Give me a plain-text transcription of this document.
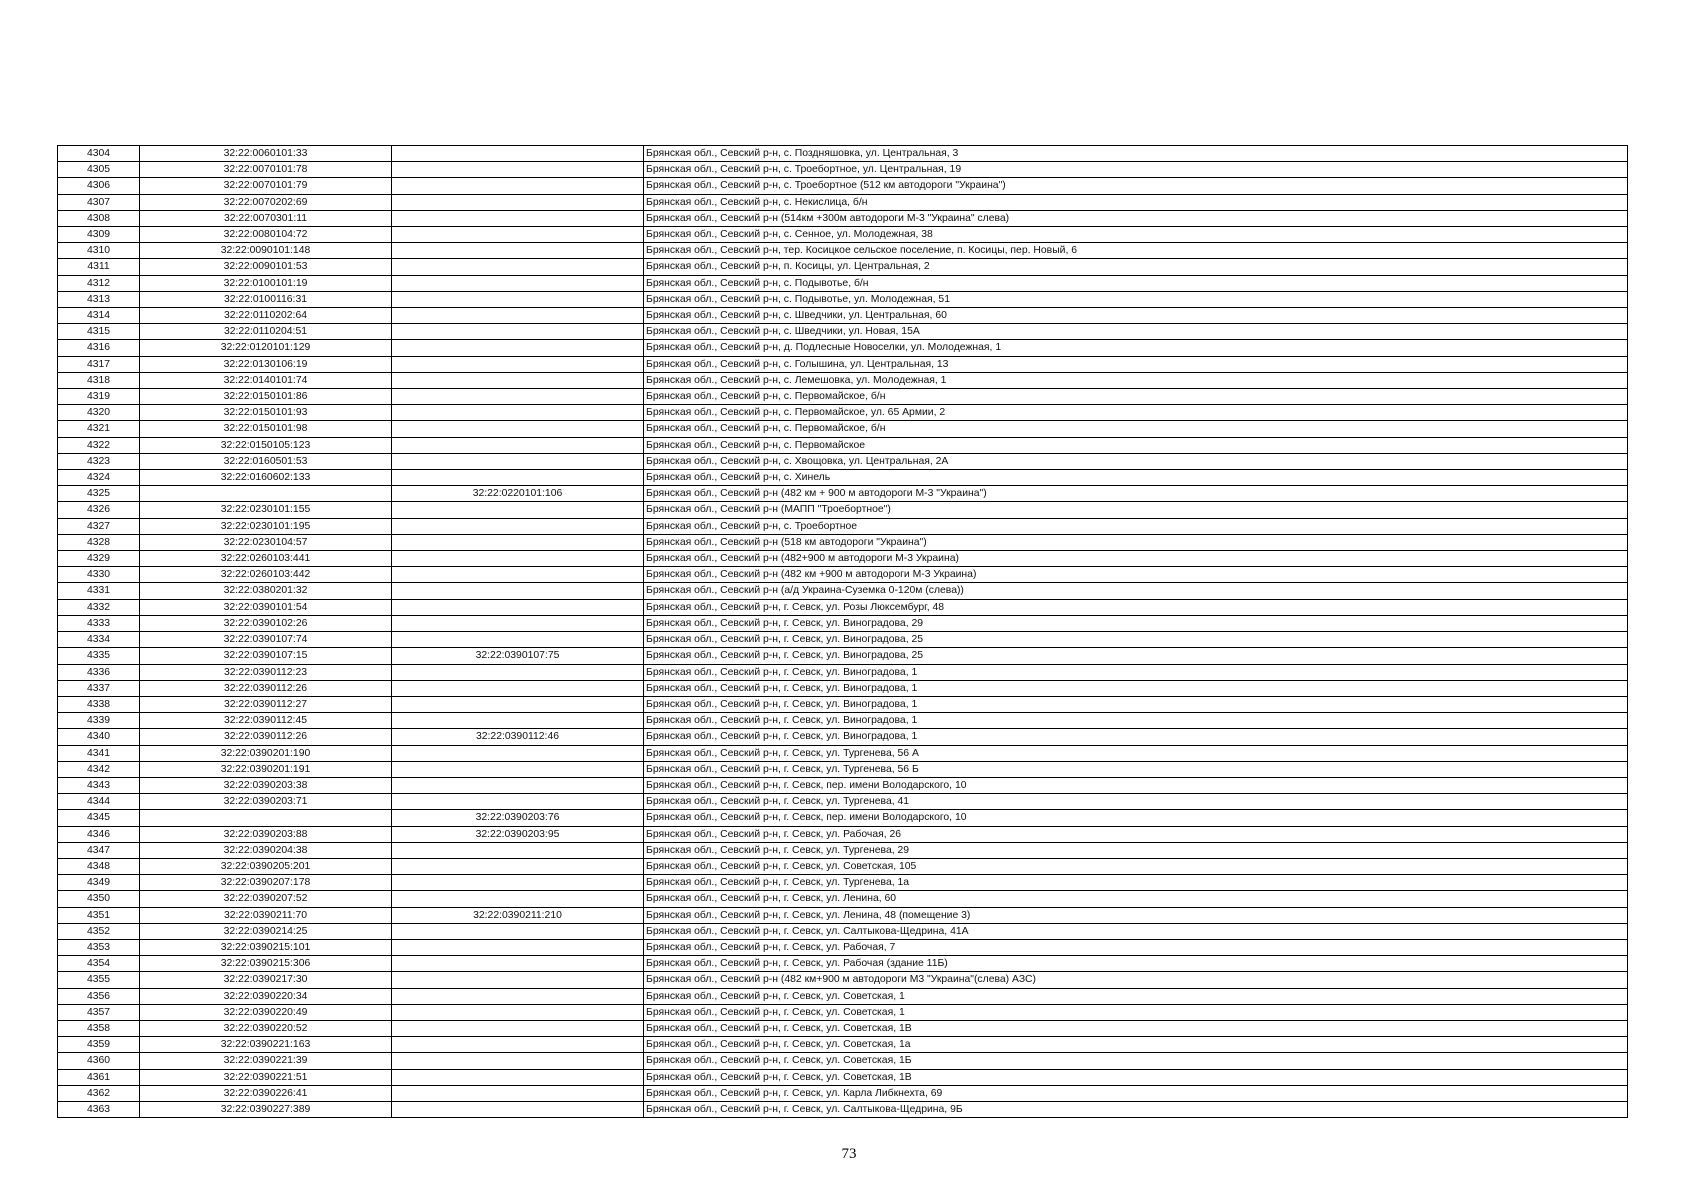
4304	32:22:0060101:33		Брянская обл., Севский р-н, с. Поздняшовка, ул. Центральная, 3
4305	32:22:0070101:78		Брянская обл., Севский р-н, с. Троебортное, ул. Центральная, 19
4306	32:22:0070101:79		Брянская обл., Севский р-н, с. Троебортное (512 км автодороги "Украина")
4307	32:22:0070202:69		Брянская обл., Севский р-н, с. Некислица, б/н
4308	32:22:0070301:11		Брянская обл., Севский р-н (514км +300м автодороги М-3 "Украина" слева)
4309	32:22:0080104:72		Брянская обл., Севский р-н, с. Сенное, ул. Молодежная, 38
4310	32:22:0090101:148		Брянская обл., Севский р-н, тер. Косицкое сельское поселение, п. Косицы, пер. Новый, 6
4311	32:22:0090101:53		Брянская обл., Севский р-н, п. Косицы, ул. Центральная, 2
4312	32:22:0100101:19		Брянская обл., Севский р-н, с. Подывотье, б/н
4313	32:22:0100116:31		Брянская обл., Севский р-н, с. Подывотье, ул. Молодежная, 51
4314	32:22:0110202:64		Брянская обл., Севский р-н, с. Шведчики, ул. Центральная, 60
4315	32:22:0110204:51		Брянская обл., Севский р-н, с. Шведчики, ул. Новая, 15А
4316	32:22:0120101:129		Брянская обл., Севский р-н, д. Подлесные Новоселки, ул. Молодежная, 1
4317	32:22:0130106:19		Брянская обл., Севский р-н, с. Голышина, ул. Центральная, 13
4318	32:22:0140101:74		Брянская обл., Севский р-н, с. Лемешовка, ул. Молодежная, 1
4319	32:22:0150101:86		Брянская обл., Севский р-н, с. Первомайское, б/н
4320	32:22:0150101:93		Брянская обл., Севский р-н, с. Первомайское, ул. 65 Армии, 2
4321	32:22:0150101:98		Брянская обл., Севский р-н, с. Первомайское, б/н
4322	32:22:0150105:123		Брянская обл., Севский р-н, с. Первомайское
4323	32:22:0160501:53		Брянская обл., Севский р-н, с. Хвощовка, ул. Центральная, 2А
4324	32:22:0160602:133		Брянская обл., Севский р-н, с. Хинель
4325		32:22:0220101:106	Брянская обл., Севский р-н (482 км + 900 м автодороги М-3 "Украина")
4326	32:22:0230101:155		Брянская обл., Севский р-н (МАПП "Троебортное")
4327	32:22:0230101:195		Брянская обл., Севский р-н, с. Троебортное
4328	32:22:0230104:57		Брянская обл., Севский р-н (518 км автодороги "Украина")
4329	32:22:0260103:441		Брянская обл., Севский р-н (482+900 м автодороги М-3 Украина)
4330	32:22:0260103:442		Брянская обл., Севский р-н (482 км +900 м автодороги М-3 Украина)
4331	32:22:0380201:32		Брянская обл., Севский р-н (а/д Украина-Суземка 0-120м (слева))
4332	32:22:0390101:54		Брянская обл., Севский р-н, г. Севск, ул. Розы Люксембург, 48
4333	32:22:0390102:26		Брянская обл., Севский р-н, г. Севск, ул. Виноградова, 29
4334	32:22:0390107:74		Брянская обл., Севский р-н, г. Севск, ул. Виноградова, 25
4335	32:22:0390107:15	32:22:0390107:75	Брянская обл., Севский р-н, г. Севск, ул. Виноградова, 25
4336	32:22:0390112:23		Брянская обл., Севский р-н, г. Севск, ул. Виноградова, 1
4337	32:22:0390112:26		Брянская обл., Севский р-н, г. Севск, ул. Виноградова, 1
4338	32:22:0390112:27		Брянская обл., Севский р-н, г. Севск, ул. Виноградова, 1
4339	32:22:0390112:45		Брянская обл., Севский р-н, г. Севск, ул. Виноградова, 1
4340	32:22:0390112:26	32:22:0390112:46	Брянская обл., Севский р-н, г. Севск, ул. Виноградова, 1
4341	32:22:0390201:190		Брянская обл., Севский р-н, г. Севск, ул. Тургенева, 56 А
4342	32:22:0390201:191		Брянская обл., Севский р-н, г. Севск, ул. Тургенева, 56 Б
4343	32:22:0390203:38		Брянская обл., Севский р-н, г. Севск, пер. имени Володарского, 10
4344	32:22:0390203:71		Брянская обл., Севский р-н, г. Севск, ул. Тургенева, 41
4345		32:22:0390203:76	Брянская обл., Севский р-н, г. Севск, пер. имени Володарского, 10
4346	32:22:0390203:88	32:22:0390203:95	Брянская обл., Севский р-н, г. Севск, ул. Рабочая, 26
4347	32:22:0390204:38		Брянская обл., Севский р-н, г. Севск, ул. Тургенева, 29
4348	32:22:0390205:201		Брянская обл., Севский р-н, г. Севск, ул. Советская, 105
4349	32:22:0390207:178		Брянская обл., Севский р-н, г. Севск, ул. Тургенева, 1а
4350	32:22:0390207:52		Брянская обл., Севский р-н, г. Севск, ул. Ленина, 60
4351	32:22:0390211:70	32:22:0390211:210	Брянская обл., Севский р-н, г. Севск, ул. Ленина, 48 (помещение 3)
4352	32:22:0390214:25		Брянская обл., Севский р-н, г. Севск, ул. Салтыкова-Щедрина, 41А
4353	32:22:0390215:101		Брянская обл., Севский р-н, г. Севск, ул. Рабочая, 7
4354	32:22:0390215:306		Брянская обл., Севский р-н, г. Севск, ул. Рабочая (здание 11Б)
4355	32:22:0390217:30		Брянская обл., Севский р-н (482 км+900 м автодороги М3 "Украина"(слева) АЗС)
4356	32:22:0390220:34		Брянская обл., Севский р-н, г. Севск, ул. Советская, 1
4357	32:22:0390220:49		Брянская обл., Севский р-н, г. Севск, ул. Советская, 1
4358	32:22:0390220:52		Брянская обл., Севский р-н, г. Севск, ул. Советская, 1В
4359	32:22:0390221:163		Брянская обл., Севский р-н, г. Севск, ул. Советская, 1а
4360	32:22:0390221:39		Брянская обл., Севский р-н, г. Севск, ул. Советская, 1Б
4361	32:22:0390221:51		Брянская обл., Севский р-н, г. Севск, ул. Советская, 1В
4362	32:22:0390226:41		Брянская обл., Севский р-н, г. Севск, ул. Карла Либкнехта, 69
4363	32:22:0390227:389		Брянская обл., Севский р-н, г. Севск, ул. Салтыкова-Щедрина, 9Б
73
